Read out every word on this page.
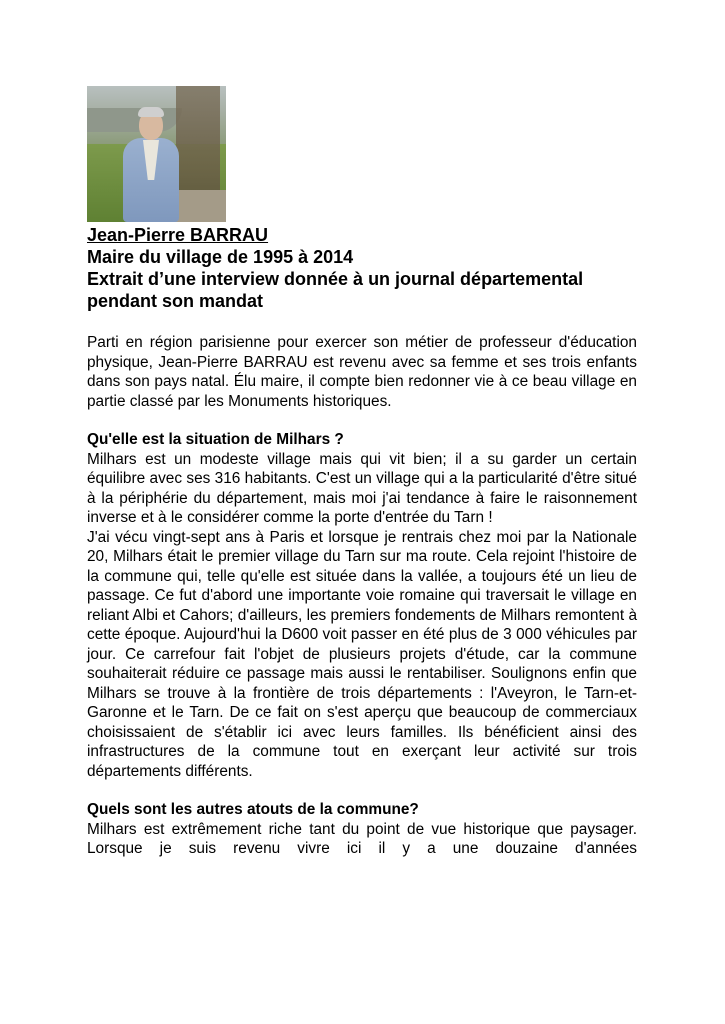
Jean-Pierre BARRAU
Maire du village de 1995 à 2014
Extrait d’une interview donnée à un journal départemental pendant son mandat

Parti en région parisienne pour exercer son métier de professeur d'éducation physique, Jean-Pierre BARRAU est revenu avec sa femme et ses trois enfants dans son pays natal. Élu maire, il compte bien redonner vie à ce beau village en partie classé par les Monuments historiques.

Qu'elle est la situation de Milhars ?

Milhars est un modeste village mais qui vit bien; il a su garder un certain équilibre avec ses 316 habitants. C'est un village qui a la particularité d'être situé à la périphérie du département, mais moi j'ai tendance à faire le raisonnement inverse et à le considérer comme la porte d'entrée du Tarn !

J'ai vécu vingt-sept ans à Paris et lorsque je rentrais chez moi par la Nationale 20, Milhars était le premier village du Tarn sur ma route. Cela rejoint l'histoire de la commune qui, telle qu'elle est située dans la vallée, a toujours été un lieu de passage. Ce fut d'abord une importante voie romaine qui traversait le village en reliant Albi et Cahors; d'ailleurs, les premiers fondements de Milhars remontent à cette époque. Aujourd'hui la D600 voit passer en été plus de 3 000 véhicules par jour. Ce carrefour fait l'objet de plusieurs projets d'étude, car la commune souhaiterait réduire ce passage mais aussi le rentabiliser. Soulignons enfin que Milhars se trouve à la frontière de trois départements : l'Aveyron, le Tarn-et-Garonne et le Tarn. De ce fait on s'est aperçu que beaucoup de commerciaux choisissaient de s'établir ici avec leurs familles. Ils bénéficient ainsi des infrastructures de la commune tout en exerçant leur activité sur trois départements différents.

Quels sont les autres atouts de la commune?

Milhars est extrêmement riche tant du point de vue historique que paysager. Lorsque je suis revenu vivre ici il y a une douzaine d'années
